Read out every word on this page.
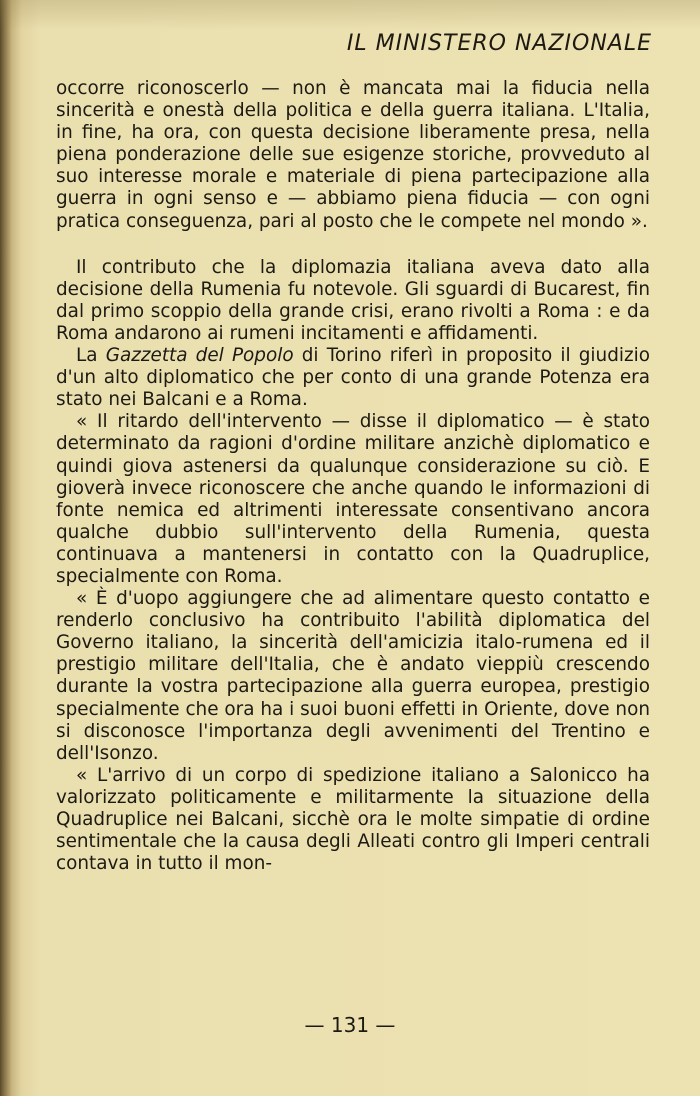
IL MINISTERO NAZIONALE

occorre riconoscerlo — non è mancata mai la fiducia nella sincerità e onestà della politica e della guerra italiana. L'Italia, in fine, ha ora, con questa decisione liberamente presa, nella piena ponderazione delle sue esigenze storiche, provveduto al suo interesse morale e materiale di piena partecipazione alla guerra in ogni senso e — abbiamo piena fiducia — con ogni pratica conseguenza, pari al posto che le compete nel mondo ».

Il contributo che la diplomazia italiana aveva dato alla decisione della Rumenia fu notevole. Gli sguardi di Bucarest, fin dal primo scoppio della grande crisi, erano rivolti a Roma : e da Roma andarono ai rumeni incitamenti e affidamenti.

La Gazzetta del Popolo di Torino riferì in proposito il giudizio d'un alto diplomatico che per conto di una grande Potenza era stato nei Balcani e a Roma.

« Il ritardo dell'intervento — disse il diplomatico — è stato determinato da ragioni d'ordine militare anzichè diplomatico e quindi giova astenersi da qualunque considerazione su ciò. E gioverà invece riconoscere che anche quando le informazioni di fonte nemica ed altrimenti interessate consentivano ancora qualche dubbio sull'intervento della Rumenia, questa continuava a mantenersi in contatto con la Quadruplice, specialmente con Roma.

« È d'uopo aggiungere che ad alimentare questo contatto e renderlo conclusivo ha contribuito l'abilità diplomatica del Governo italiano, la sincerità dell'amicizia italo-rumena ed il prestigio militare dell'Italia, che è andato vieppiù crescendo durante la vostra partecipazione alla guerra europea, prestigio specialmente che ora ha i suoi buoni effetti in Oriente, dove non si disconosce l'importanza degli avvenimenti del Trentino e dell'Isonzo.

« L'arrivo di un corpo di spedizione italiano a Salonicco ha valorizzato politicamente e militarmente la situazione della Quadruplice nei Balcani, sicchè ora le molte simpatie di ordine sentimentale che la causa degli Alleati contro gli Imperi centrali contava in tutto il mon-

— 131 —
